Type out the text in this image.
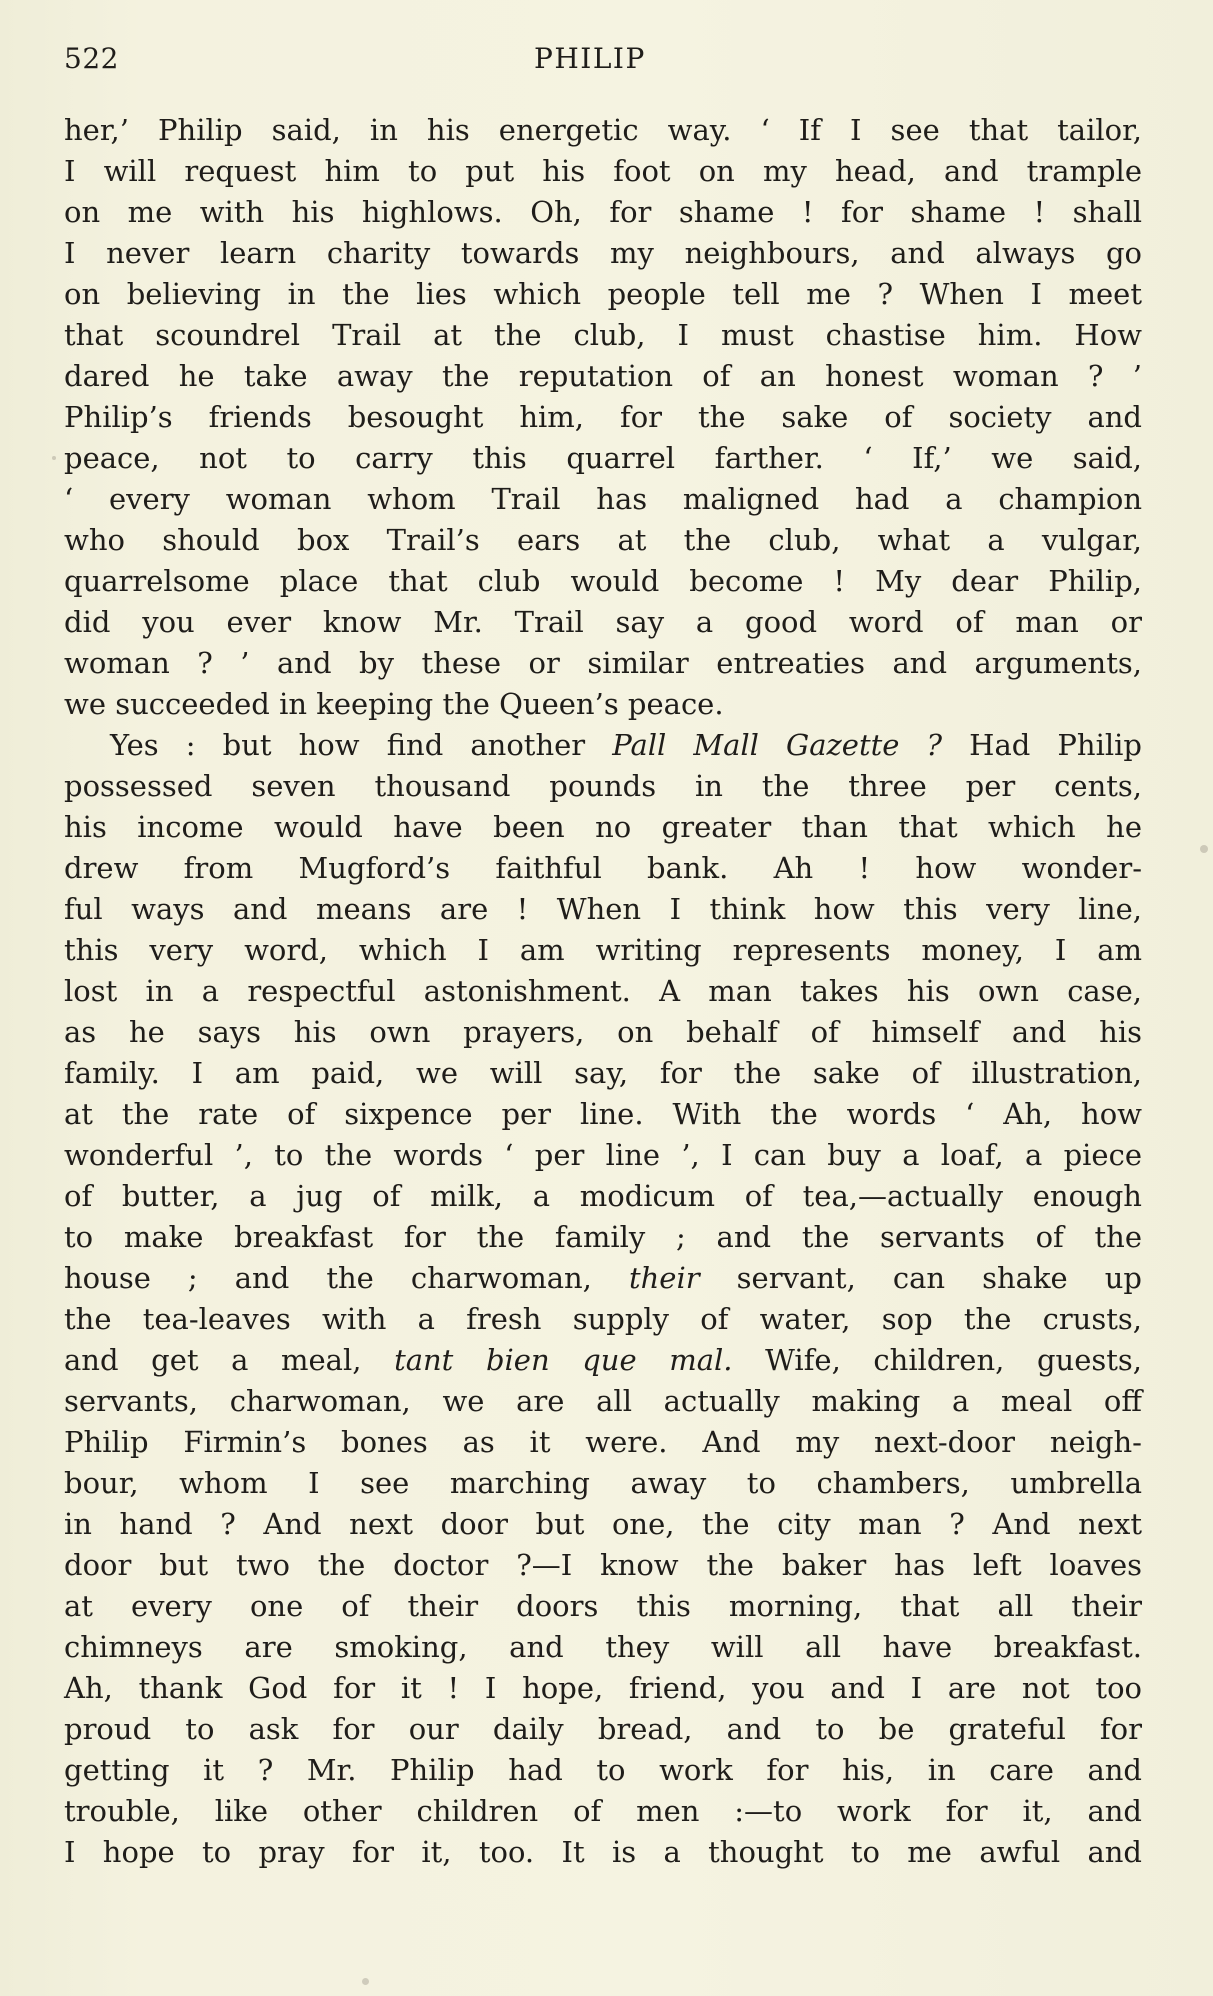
522	PHILIP
her,’ Philip said, in his energetic way. ‘ If I see that tailor,
I will request him to put his foot on my head, and trample
on me with his highlows. Oh, for shame ! for shame ! shall
I never learn charity towards my neighbours, and always go
on believing in the lies which people tell me ? When I meet
that scoundrel Trail at the club, I must chastise him. How
dared he take away the reputation of an honest woman ? ’
Philip’s friends besought him, for the sake of society and
peace, not to carry this quarrel farther. ‘ If,’ we said,
‘ every woman whom Trail has maligned had a champion
who should box Trail’s ears at the club, what a vulgar,
quarrelsome place that club would become ! My dear Philip,
did you ever know Mr. Trail say a good word of man or
woman ? ’ and by these or similar entreaties and arguments,
we succeeded in keeping the Queen’s peace.
Yes : but how find another Pall Mall Gazette ? Had Philip
possessed seven thousand pounds in the three per cents,
his income would have been no greater than that which he
drew from Mugford’s faithful bank. Ah ! how wonder-
ful ways and means are ! When I think how this very line,
this very word, which I am writing represents money, I am
lost in a respectful astonishment. A man takes his own case,
as he says his own prayers, on behalf of himself and his
family. I am paid, we will say, for the sake of illustration,
at the rate of sixpence per line. With the words ‘ Ah, how
wonderful ’, to the words ‘ per line ’, I can buy a loaf, a piece
of butter, a jug of milk, a modicum of tea,—actually enough
to make breakfast for the family ; and the servants of the
house ; and the charwoman, their servant, can shake up
the tea-leaves with a fresh supply of water, sop the crusts,
and get a meal, tant bien que mal. Wife, children, guests,
servants, charwoman, we are all actually making a meal off
Philip Firmin’s bones as it were. And my next-door neigh-
bour, whom I see marching away to chambers, umbrella
in hand ? And next door but one, the city man ? And next
door but two the doctor ?—I know the baker has left loaves
at every one of their doors this morning, that all their
chimneys are smoking, and they will all have breakfast.
Ah, thank God for it ! I hope, friend, you and I are not too
proud to ask for our daily bread, and to be grateful for
getting it ? Mr. Philip had to work for his, in care and
trouble, like other children of men :—to work for it, and
I hope to pray for it, too. It is a thought to me awful and
